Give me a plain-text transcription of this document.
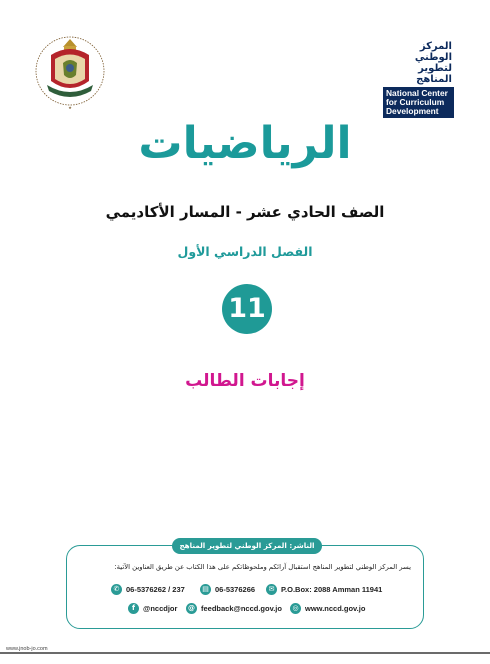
★
المركز الوطني
لتطوير المناهج
National Center
for Curriculum
Development
الرياضيات
الصف الحادي عشر - المسار الأكاديمي
الفصل الدراسي الأول
11
إجابات الطالب
الناشر: المركز الوطني لتطوير المناهج
يسر المركز الوطني لتطوير المناهج استقبال آرائكم وملحوظاتكم على هذا الكتاب عن طريق العناوين الآتية:
✆ 06-5376262 / 237	▤ 06-5376266	✉ P.O.Box: 2088 Amman 11941
f	@nccdjor @ feedback@nccd.gov.jo	◎ www.nccd.gov.jo
www.jnob-jo.com
